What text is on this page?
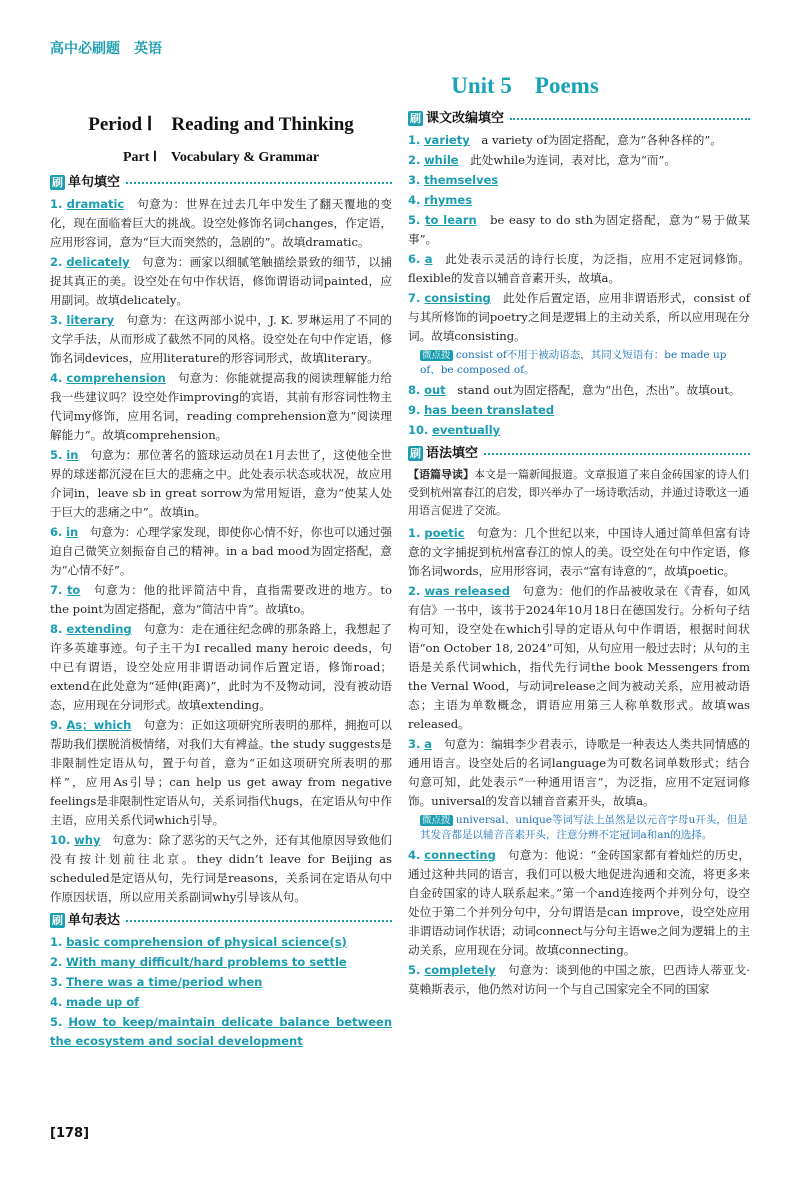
高中必刷题　英语
Unit 5　Poems
Period Ⅰ　Reading and Thinking
Part Ⅰ　Vocabulary & Grammar
刷 单句填空
1. dramatic　 句意为：世界在过去几年中发生了翻天覆地的变化，现在面临着巨大的挑战。设空处修饰名词changes，作定语，应用形容词，意为“巨大而突然的，急剧的”。故填dramatic。
2. delicately　 句意为：画家以细腻笔触描绘景致的细节，以捕捉其真正的美。设空处在句中作状语，修饰谓语动词painted，应用副词。故填delicately。
3. literary　 句意为：在这两部小说中，J. K. 罗琳运用了不同的文学手法，从而形成了截然不同的风格。设空处在句中作定语，修饰名词devices，应用literature的形容词形式，故填literary。
4. comprehension　 句意为：你能就提高我的阅读理解能力给我一些建议吗？设空处作improving的宾语，其前有形容词性物主代词my修饰，应用名词，reading comprehension意为“阅读理解能力”。故填comprehension。
5. in　 句意为：那位著名的篮球运动员在1月去世了，这使他全世界的球迷都沉浸在巨大的悲痛之中。此处表示状态或状况，故应用介词in，leave sb in great sorrow为常用短语，意为“使某人处于巨大的悲痛之中”。故填in。
6. in　 句意为：心理学家发现，即使你心情不好，你也可以通过强迫自己微笑立刻振奋自己的精神。in a bad mood为固定搭配，意为“心情不好”。
7. to　 句意为：他的批评简洁中肯，直指需要改进的地方。to the point为固定搭配，意为“简洁中肯”。故填to。
8. extending　 句意为：走在通往纪念碑的那条路上，我想起了许多英雄事迹。句子主干为I recalled many heroic deeds，句中已有谓语，设空处应用非谓语动词作后置定语，修饰road；extend在此处意为“延伸(距离)”，此时为不及物动词，没有被动语态，应用现在分词形式。故填extending。
9. As；which　 句意为：正如这项研究所表明的那样，拥抱可以帮助我们摆脱消极情绪，对我们大有裨益。the study suggests是非限制性定语从句，置于句首，意为“正如这项研究所表明的那样”，应用As引导；can help us get away from negative feelings是非限制性定语从句，关系词指代hugs，在定语从句中作主语，应用关系代词which引导。
10. why　 句意为：除了恶劣的天气之外，还有其他原因导致他们没有按计划前往北京。they didn’t leave for Beijing as scheduled是定语从句，先行词是reasons，关系词在定语从句中作原因状语，所以应用关系副词why引导该从句。
刷 单句表达
1. basic comprehension of physical science(s)
2. With many difficult/hard problems to settle
3. There was a time/period when
4. made up of
5. How to keep/maintain delicate balance between the ecosystem and social development
刷 课文改编填空
1. variety　 a variety of为固定搭配，意为“各种各样的”。
2. while　 此处while为连词，表对比，意为“而”。
3. themselves
4. rhymes
5. to learn　 be easy to do sth为固定搭配，意为“易于做某事”。
6. a　 此处表示灵活的诗行长度，为泛指，应用不定冠词修饰。flexible的发音以辅音音素开头，故填a。
7. consisting　 此处作后置定语，应用非谓语形式，consist of与其所修饰的词poetry之间是逻辑上的主动关系，所以应用现在分词。故填consisting。
微点拨 consist of不用于被动语态，其同义短语有：be made up of、be composed of。
8. out　 stand out为固定搭配，意为“出色，杰出”。故填out。
9. has been translated
10. eventually
刷 语法填空
【语篇导读】本文是一篇新闻报道。文章报道了来自金砖国家的诗人们受到杭州富春江的启发，即兴举办了一场诗歌活动，并通过诗歌这一通用语言促进了交流。
1. poetic　 句意为：几个世纪以来，中国诗人通过简单但富有诗意的文字捕捉到杭州富春江的惊人的美。设空处在句中作定语，修饰名词words，应用形容词，表示“富有诗意的”，故填poetic。
2. was released　 句意为：他们的作品被收录在《青春，如风有信》一书中，该书于2024年10月18日在德国发行。分析句子结构可知，设空处在which引导的定语从句中作谓语，根据时间状语“on October 18, 2024”可知，从句应用一般过去时；从句的主语是关系代词which，指代先行词the book Messengers from the Vernal Wood，与动词release之间为被动关系，应用被动语态；主语为单数概念，谓语应用第三人称单数形式。故填was released。
3. a　 句意为：编辑李少君表示，诗歌是一种表达人类共同情感的通用语言。设空处后的名词language为可数名词单数形式；结合句意可知，此处表示“一种通用语言”，为泛指，应用不定冠词修饰。universal的发音以辅音音素开头，故填a。
微点拨 universal、unique等词写法上虽然是以元音字母u开头，但是其发音都是以辅音音素开头，注意分辨不定冠词a和an的选择。
4. connecting　 句意为：他说：“金砖国家都有着灿烂的历史，通过这种共同的语言，我们可以极大地促进沟通和交流，将更多来自金砖国家的诗人联系起来。”第一个and连接两个并列分句，设空处位于第二个并列分句中，分句谓语是can improve，设空处应用非谓语动词作状语；动词connect与分句主语we之间为逻辑上的主动关系，应用现在分词。故填connecting。
5. completely　 句意为：谈到他的中国之旅，巴西诗人蒂亚戈·莫賴斯表示，他仍然对访问一个与自己国家完全不同的国家
[178]
